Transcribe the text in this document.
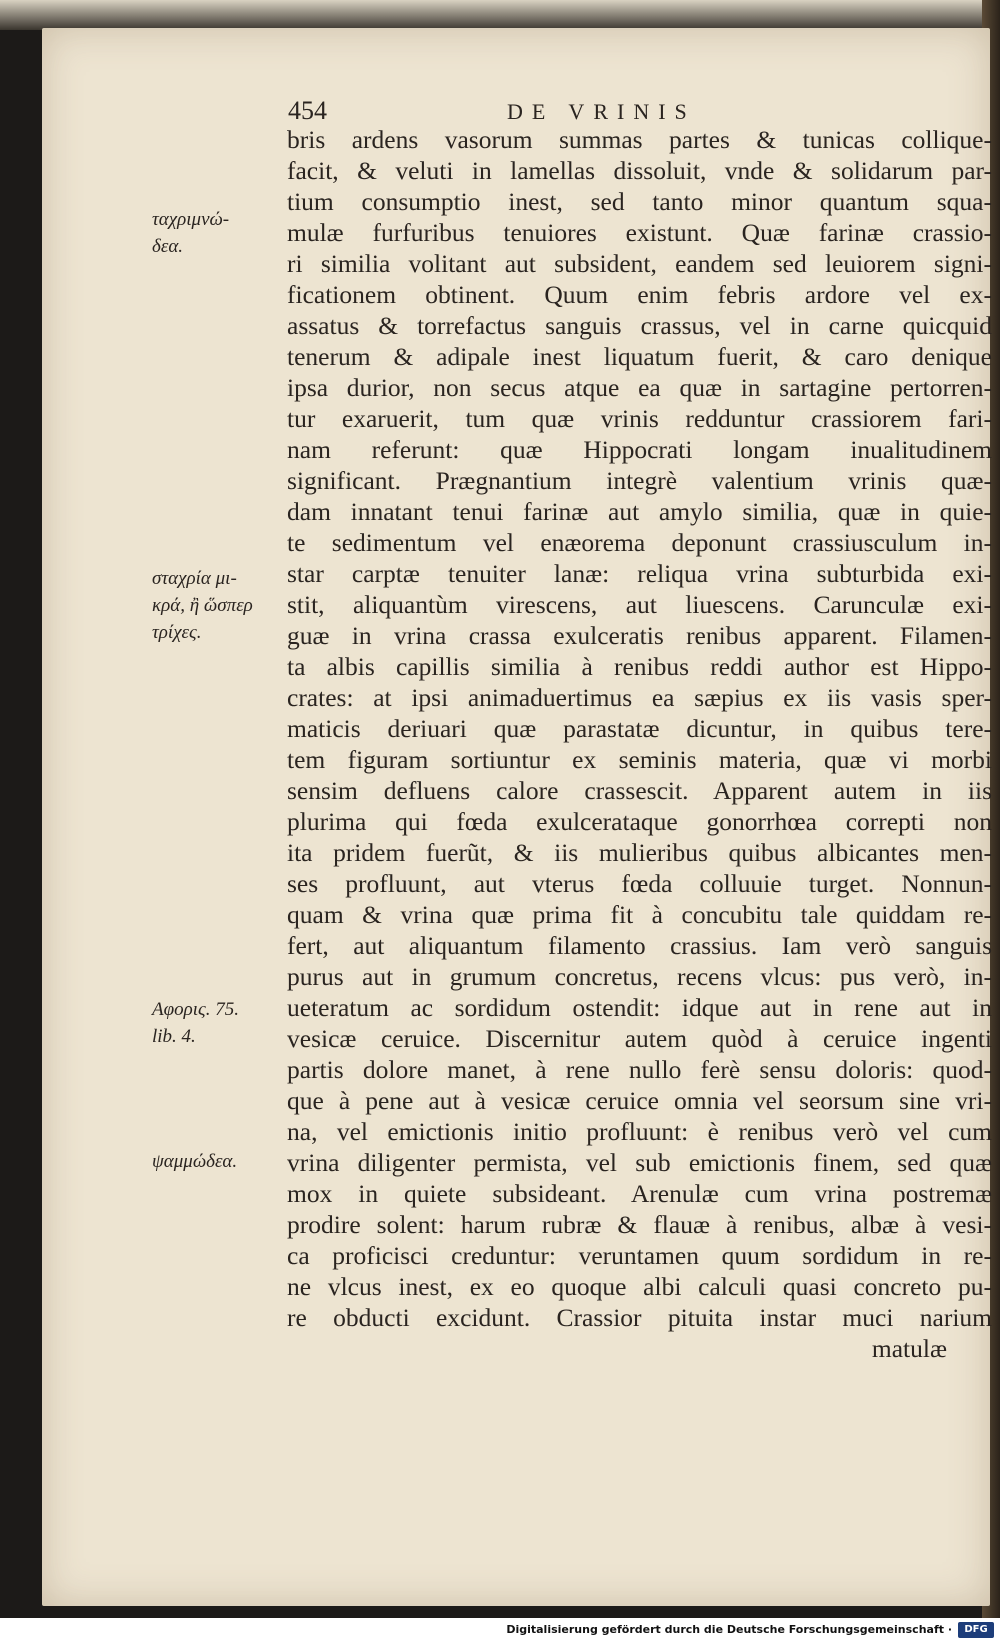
454	DE VRINIS
ταχριμνώ-
δεα.
σταχρία μι-
κρά, ἢ ὥσπερ
τρίχες.
Αφορις. 75.
lib. 4.
ψαμμώδεα.
bris ardens vasorum summas partes & tunicas collique-
facit, & veluti in lamellas dissoluit, vnde & solidarum par-
tium consumptio inest, sed tanto minor quantum squa-
mulæ furfuribus tenuiores existunt. Quæ farinæ crassio-
ri similia volitant aut subsident, eandem sed leuiorem signi-
ficationem obtinent. Quum enim febris ardore vel ex-
assatus & torrefactus sanguis crassus, vel in carne quicquid
tenerum & adipale inest liquatum fuerit, & caro denique
ipsa durior, non secus atque ea quæ in sartagine pertorren-
tur exaruerit, tum quæ vrinis redduntur crassiorem fari-
nam referunt: quæ Hippocrati longam inualitudinem
significant. Prægnantium integrè valentium vrinis quæ-
dam innatant tenui farinæ aut amylo similia, quæ in quie-
te sedimentum vel enæorema deponunt crassiusculum in-
star carptæ tenuiter lanæ: reliqua vrina subturbida exi-
stit, aliquantùm virescens, aut liuescens. Carunculæ exi-
guæ in vrina crassa exulceratis renibus apparent. Filamen-
ta albis capillis similia à renibus reddi author est Hippo-
crates: at ipsi animaduertimus ea sæpius ex iis vasis sper-
maticis deriuari quæ parastatæ dicuntur, in quibus tere-
tem figuram sortiuntur ex seminis materia, quæ vi morbi
sensim defluens calore crassescit. Apparent autem in iis
plurima qui fœda exulcerataque gonorrhœa correpti non
ita pridem fuerũt, & iis mulieribus quibus albicantes men-
ses profluunt, aut vterus fœda colluuie turget. Nonnun-
quam & vrina quæ prima fit à concubitu tale quiddam re-
fert, aut aliquantum filamento crassius. Iam verò sanguis
purus aut in grumum concretus, recens vlcus: pus verò, in-
ueteratum ac sordidum ostendit: idque aut in rene aut in
vesicæ ceruice. Discernitur autem quòd à ceruice ingenti
partis dolore manet, à rene nullo ferè sensu doloris: quod-
que à pene aut à vesicæ ceruice omnia vel seorsum sine vri-
na, vel emictionis initio profluunt: è renibus verò vel cum
vrina diligenter permista, vel sub emictionis finem, sed quæ
mox in quiete subsideant. Arenulæ cum vrina postremæ
prodire solent: harum rubræ & flauæ à renibus, albæ à vesi-
ca proficisci creduntur: veruntamen quum sordidum in re-
ne vlcus inest, ex eo quoque albi calculi quasi concreto pu-
re obducti excidunt. Crassior pituita instar muci narium
matulæ
Digitalisierung gefördert durch die Deutsche Forschungsgemeinschaft ·	DFG
